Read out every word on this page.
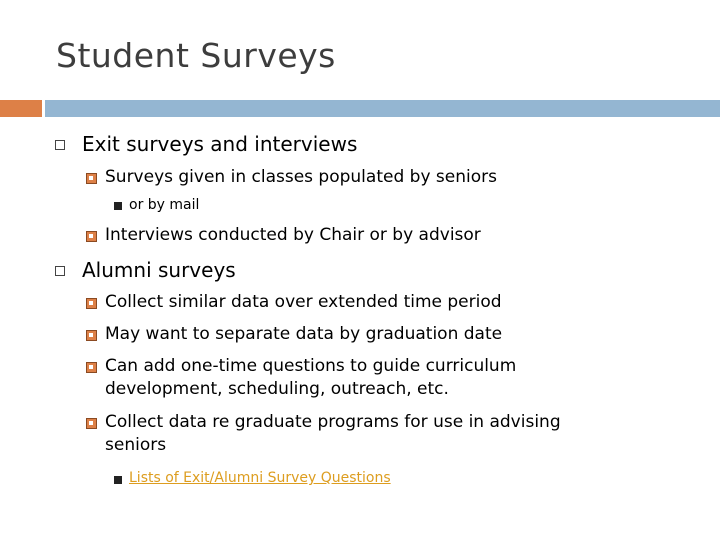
Student Surveys
Exit surveys and interviews
Surveys given in classes populated by seniors
or by mail
Interviews conducted by Chair or by advisor
Alumni surveys
Collect similar data over extended time period
May want to separate data by graduation date
Can add one-time questions to guide curriculum
development, scheduling, outreach, etc.
Collect data re graduate programs for use in advising
seniors
Lists of Exit/Alumni Survey Questions
